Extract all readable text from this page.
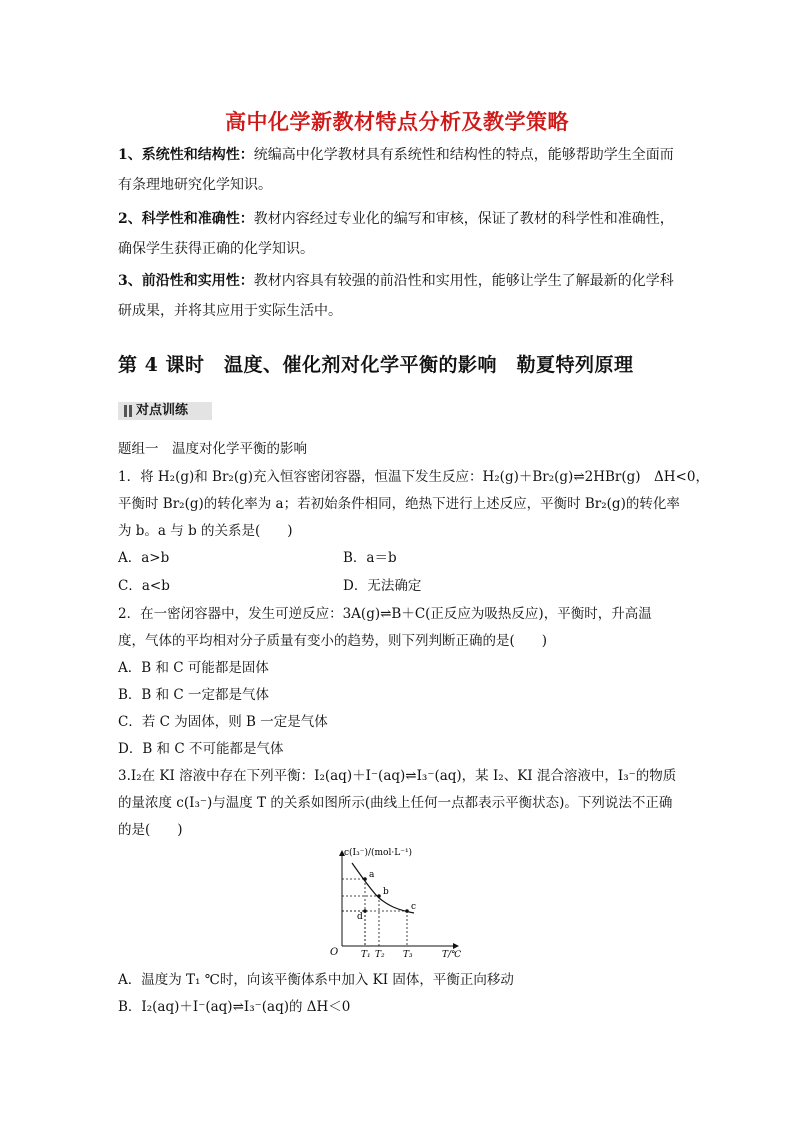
高中化学新教材特点分析及教学策略
1、系统性和结构性：统编高中化学教材具有系统性和结构性的特点，能够帮助学生全面而
有条理地研究化学知识。
2、科学性和准确性：教材内容经过专业化的编写和审核，保证了教材的科学性和准确性，
确保学生获得正确的化学知识。
3、前沿性和实用性：教材内容具有较强的前沿性和实用性，能够让学生了解最新的化学科
研成果，并将其应用于实际生活中。
第 4 课时　温度、催化剂对化学平衡的影响　勒夏特列原理
对点训练
题组一　温度对化学平衡的影响
1．将 H₂(g)和 Br₂(g)充入恒容密闭容器，恒温下发生反应：H₂(g)＋Br₂(g)⇌2HBr(g)　ΔH<0，
平衡时 Br₂(g)的转化率为 a；若初始条件相同，绝热下进行上述反应，平衡时 Br₂(g)的转化率
为 b。a 与 b 的关系是(　　)
A．a>b	B．a＝b
C．a<b	D．无法确定
2．在一密闭容器中，发生可逆反应：3A(g)⇌B＋C(正反应为吸热反应)，平衡时，升高温
度，气体的平均相对分子质量有变小的趋势，则下列判断正确的是(　　)
A．B 和 C 可能都是固体
B．B 和 C 一定都是气体
C．若 C 为固体，则 B 一定是气体
D．B 和 C 不可能都是气体
3.I₂在 KI 溶液中存在下列平衡：I₂(aq)＋I⁻(aq)⇌I₃⁻(aq)，某 I₂、KI 混合溶液中，I₃⁻的物质
的量浓度 c(I₃⁻)与温度 T 的关系如图所示(曲线上任何一点都表示平衡状态)。下列说法不正确
的是(　　)
c(I₃⁻)/(mol·L⁻¹)
T/℃
O
a
b
c
d
T₁ T₂ T₃
A．温度为 T₁ ℃时，向该平衡体系中加入 KI 固体，平衡正向移动
B．I₂(aq)＋I⁻(aq)⇌I₃⁻(aq)的 ΔH＜0
